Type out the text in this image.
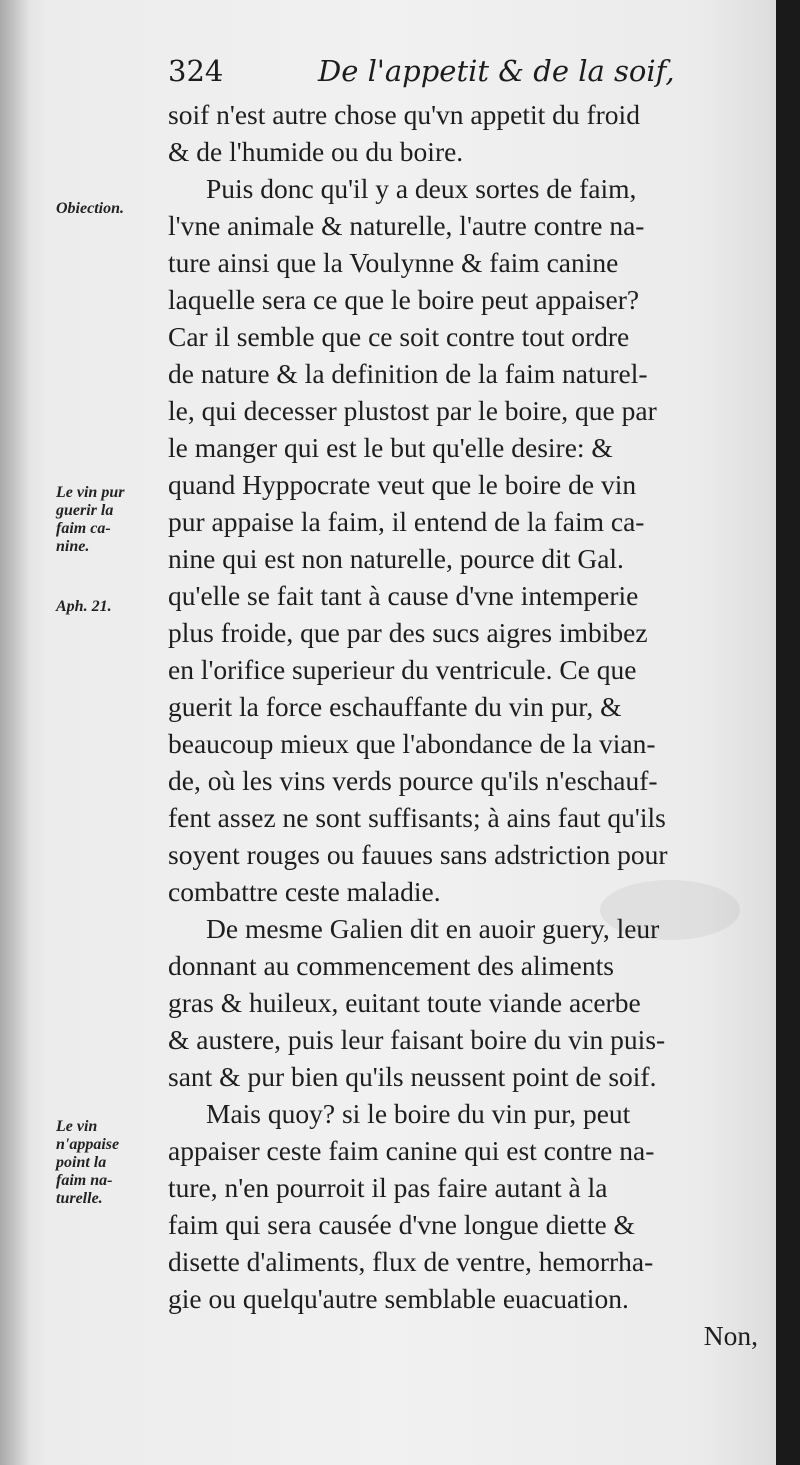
324	De l'appetit & de la soif,
soif n'est autre chose qu'vn appetit du froid
& de l'humide ou du boire.
Puis donc qu'il y a deux sortes de faim,
l'vne animale & naturelle, l'autre contre na-
ture ainsi que la Voulynne & faim canine
laquelle sera ce que le boire peut appaiser?
Car il semble que ce soit contre tout ordre
de nature & la definition de la faim naturel-
le, qui decesser plustost par le boire, que par
le manger qui est le but qu'elle desire: &
quand Hyppocrate veut que le boire de vin
pur appaise la faim, il entend de la faim ca-
nine qui est non naturelle, pource dit Gal.
qu'elle se fait tant à cause d'vne intemperie
plus froide, que par des sucs aigres imbibez
en l'orifice superieur du ventricule. Ce que
guerit la force eschauffante du vin pur, &
beaucoup mieux que l'abondance de la vian-
de, où les vins verds pource qu'ils n'eschauf-
fent assez ne sont suffisants; à ains faut qu'ils
soyent rouges ou fauues sans adstriction pour
combattre ceste maladie.
De mesme Galien dit en auoir guery, leur
donnant au commencement des aliments
gras & huileux, euitant toute viande acerbe
& austere, puis leur faisant boire du vin puis-
sant & pur bien qu'ils neussent point de soif.
Mais quoy? si le boire du vin pur, peut
appaiser ceste faim canine qui est contre na-
ture, n'en pourroit il pas faire autant à la
faim qui sera causée d'vne longue diette &
disette d'aliments, flux de ventre, hemorrha-
gie ou quelqu'autre semblable euacuation.
Non,
Obiection.
Le vin pur
guerir la
faim ca-
nine.
Aph. 21.
Le vin
n'appaise
point la
faim na-
turelle.
